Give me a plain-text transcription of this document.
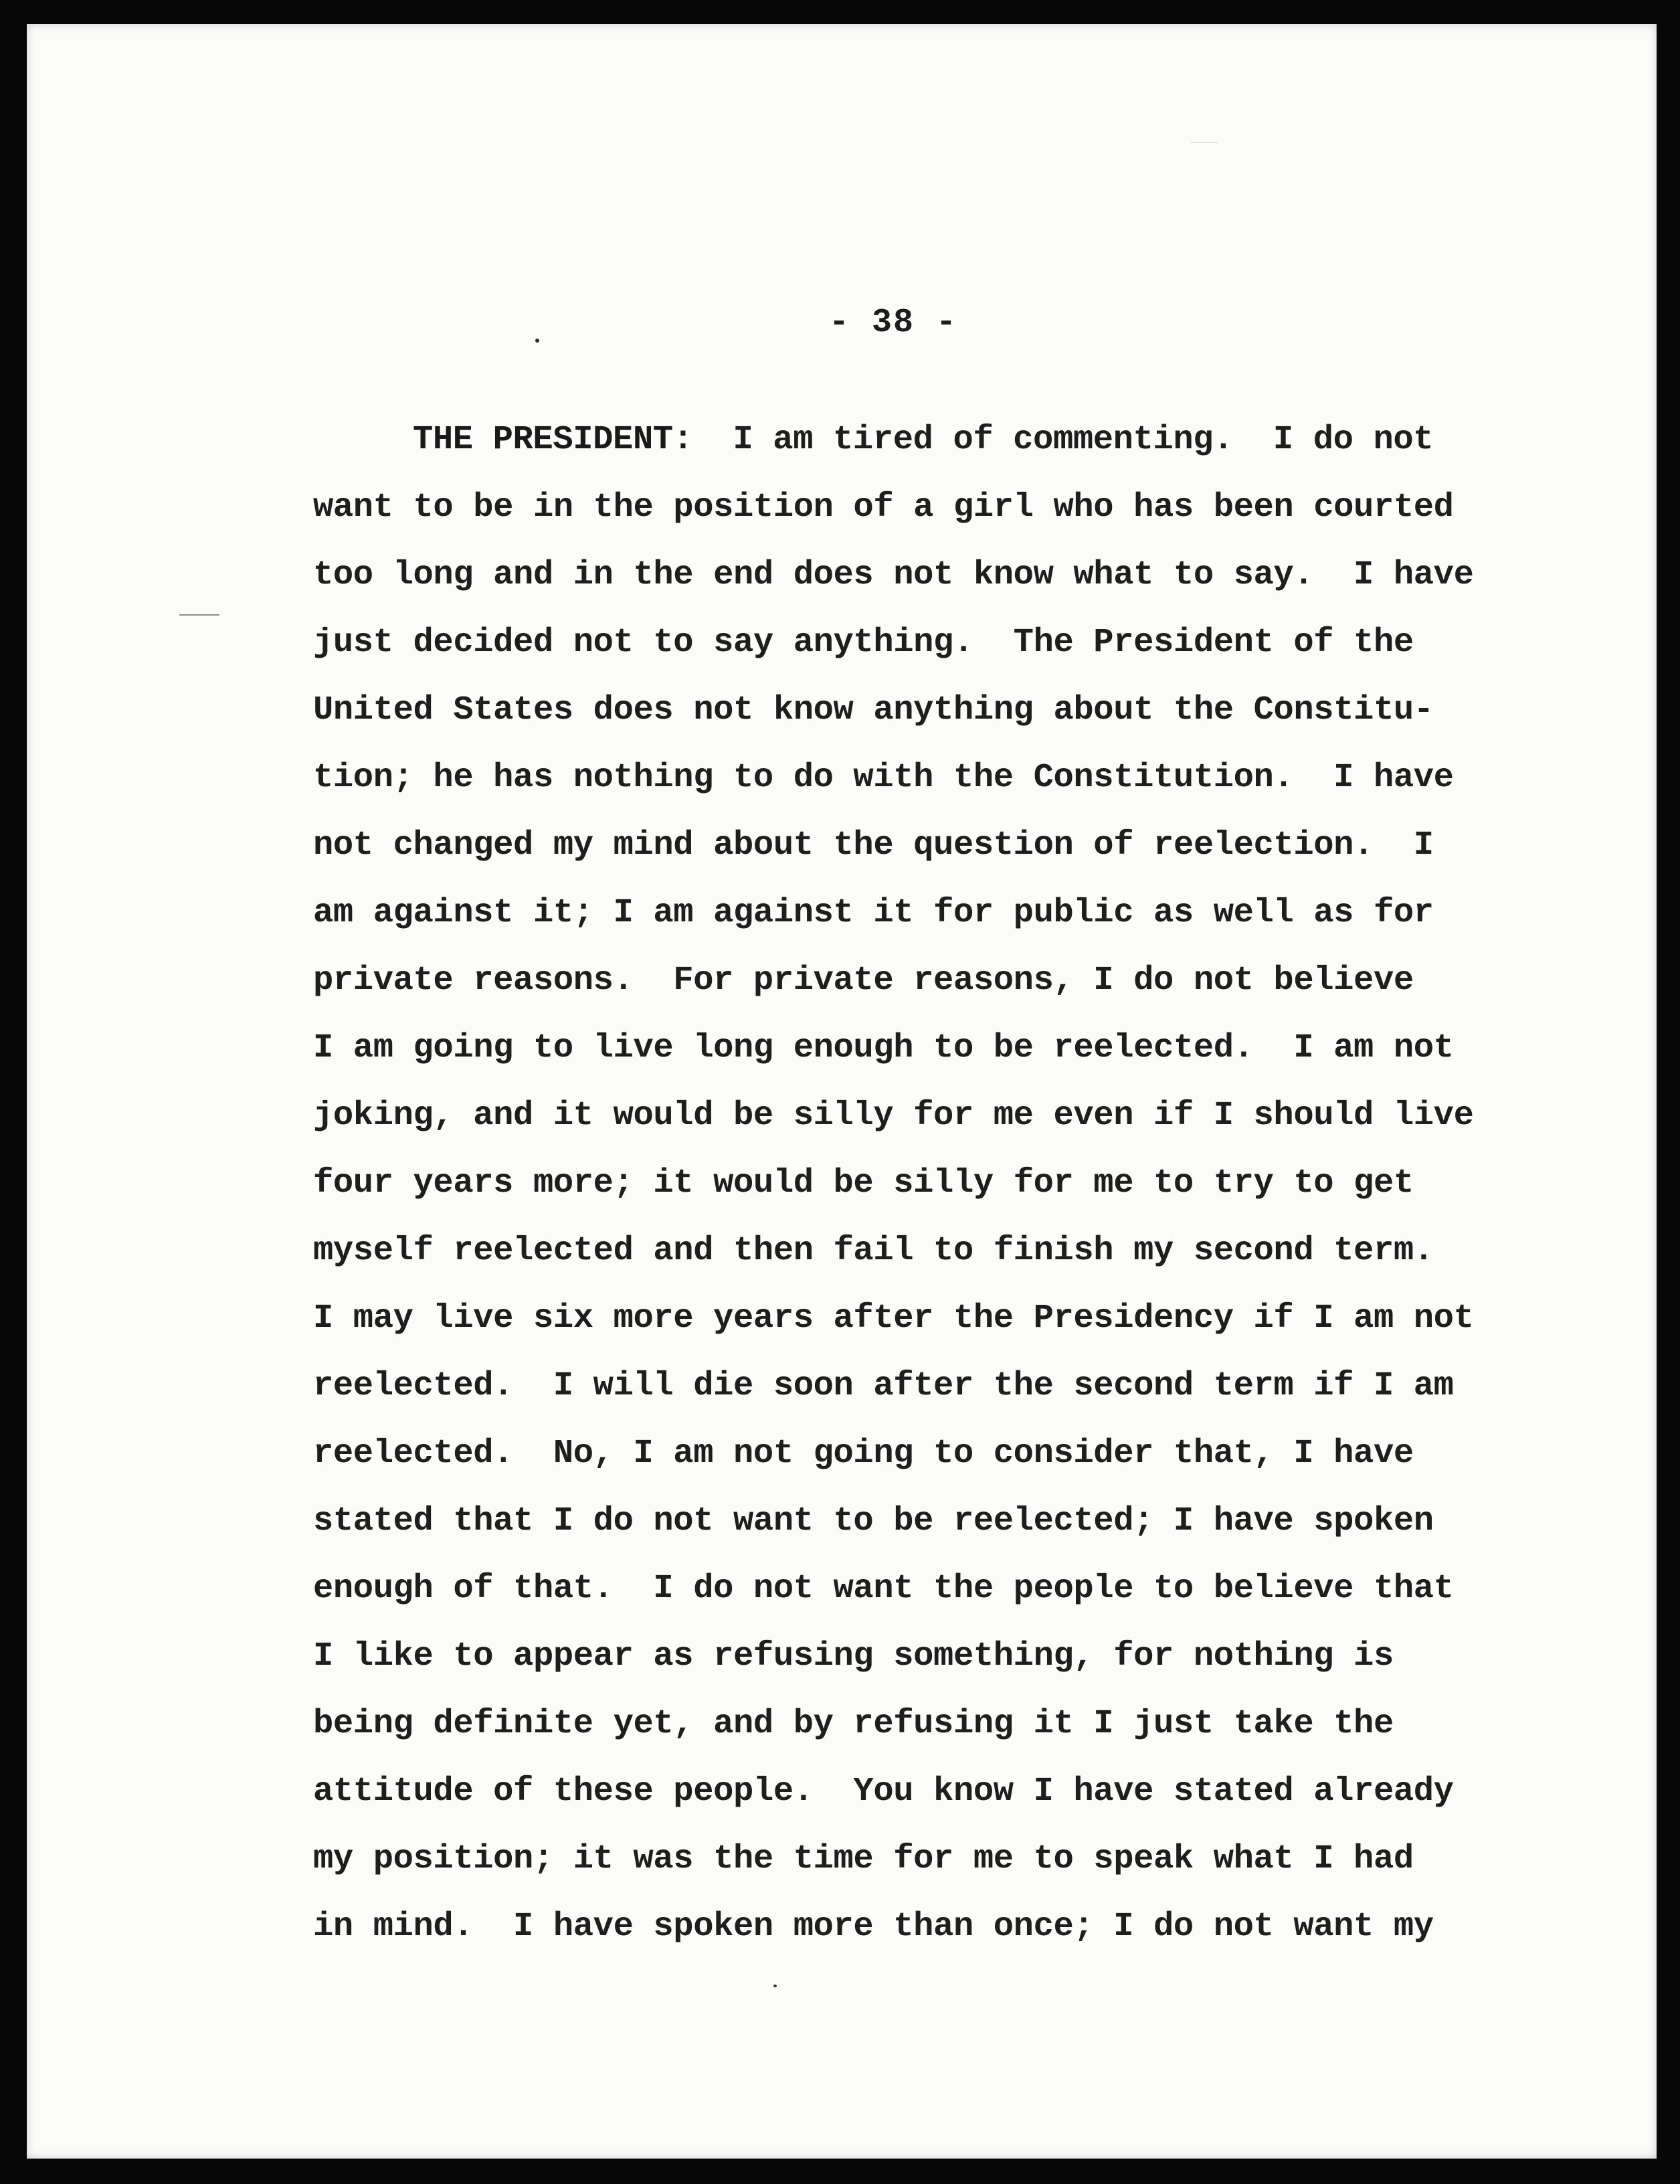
- 38 -
THE PRESIDENT: I am tired of commenting.  I do not
want to be in the position of a girl who has been courted
too long and in the end does not know what to say.  I have
just decided not to say anything.  The President of the
United States does not know anything about the Constitu-
tion; he has nothing to do with the Constitution.  I have
not changed my mind about the question of reelection.  I
am against it; I am against it for public as well as for
private reasons.  For private reasons, I do not believe
I am going to live long enough to be reelected.  I am not
joking, and it would be silly for me even if I should live
four years more; it would be silly for me to try to get
myself reelected and then fail to finish my second term.
I may live six more years after the Presidency if I am not
reelected.  I will die soon after the second term if I am
reelected.  No, I am not going to consider that, I have
stated that I do not want to be reelected; I have spoken
enough of that.  I do not want the people to believe that
I like to appear as refusing something, for nothing is
being definite yet, and by refusing it I just take the
attitude of these people.  You know I have stated already
my position; it was the time for me to speak what I had
in mind.  I have spoken more than once; I do not want my
